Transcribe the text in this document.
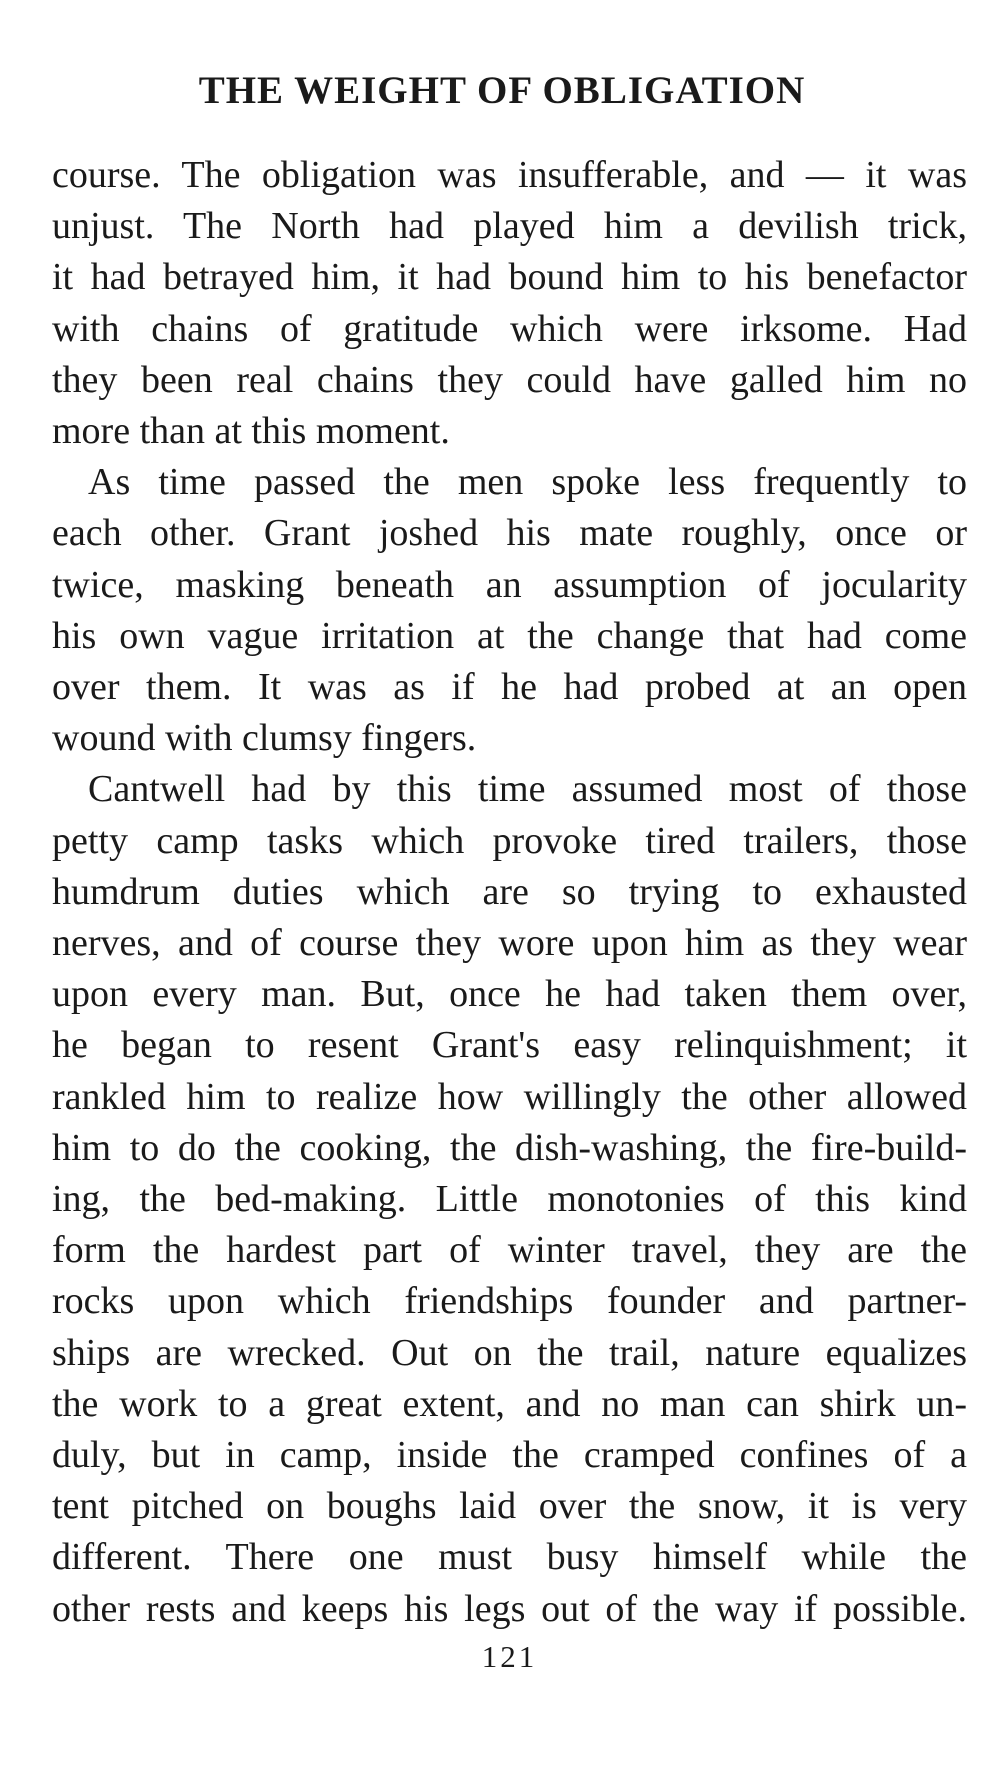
THE WEIGHT OF OBLIGATION

course. The obligation was insufferable, and — it was
unjust. The North had played him a devilish trick,
it had betrayed him, it had bound him to his benefactor
with chains of gratitude which were irksome. Had
they been real chains they could have galled him no
more than at this moment.

As time passed the men spoke less frequently to
each other. Grant joshed his mate roughly, once or
twice, masking beneath an assumption of jocularity
his own vague irritation at the change that had come
over them. It was as if he had probed at an open
wound with clumsy fingers.

Cantwell had by this time assumed most of those
petty camp tasks which provoke tired trailers, those
humdrum duties which are so trying to exhausted
nerves, and of course they wore upon him as they wear
upon every man. But, once he had taken them over,
he began to resent Grant's easy relinquishment; it
rankled him to realize how willingly the other allowed
him to do the cooking, the dish-washing, the fire-build-
ing, the bed-making. Little monotonies of this kind
form the hardest part of winter travel, they are the
rocks upon which friendships founder and partner-
ships are wrecked. Out on the trail, nature equalizes
the work to a great extent, and no man can shirk un-
duly, but in camp, inside the cramped confines of a
tent pitched on boughs laid over the snow, it is very
different. There one must busy himself while the
other rests and keeps his legs out of the way if possible.

121
